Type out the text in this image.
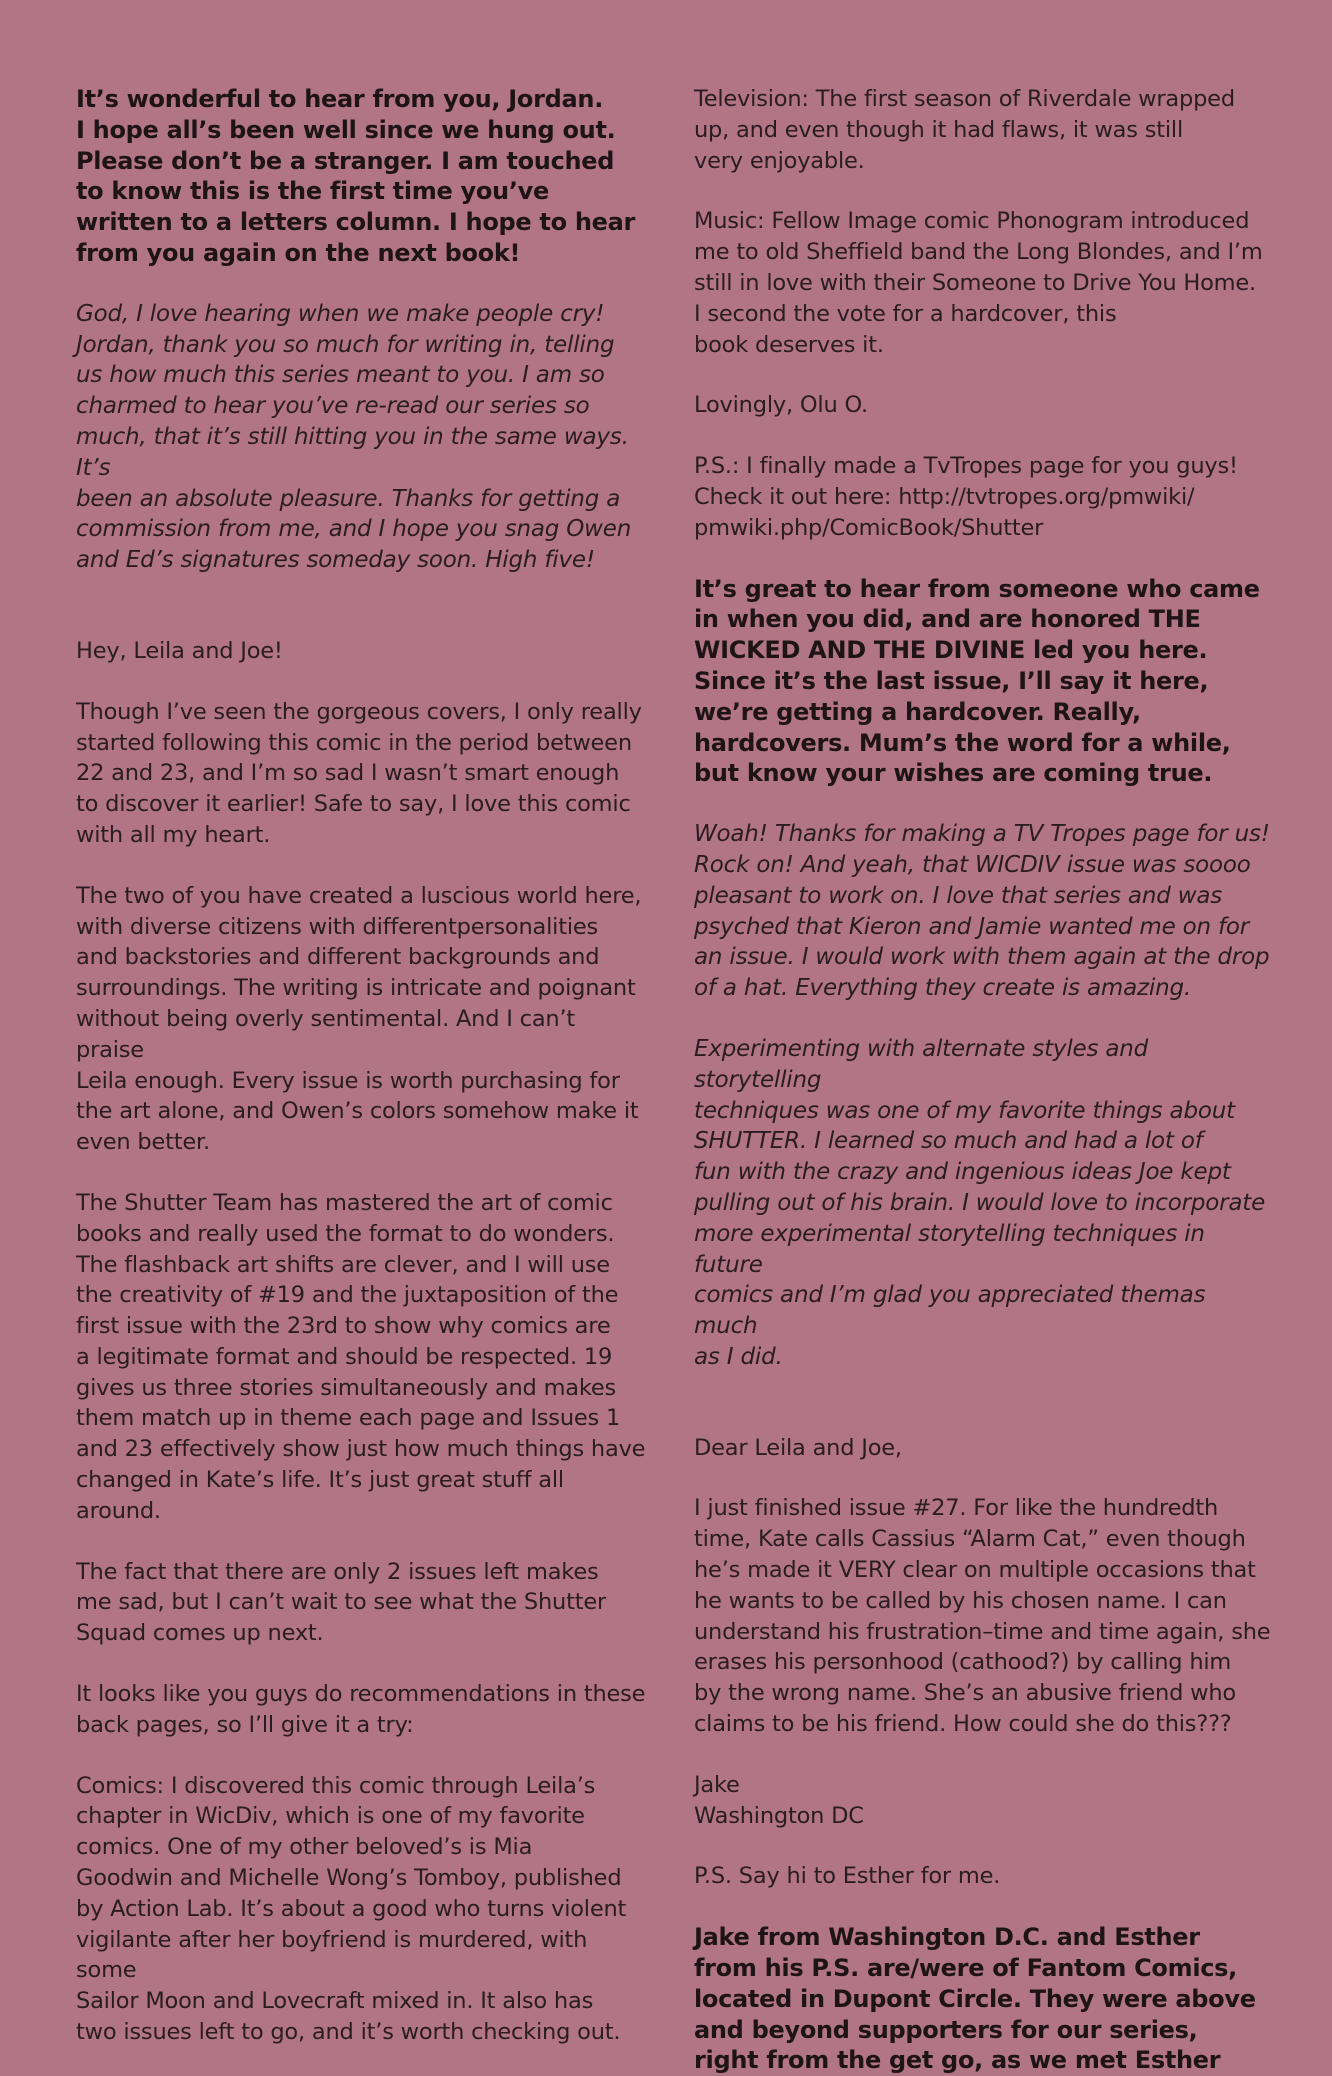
It’s wonderful to hear from you, Jordan.
I hope all’s been well since we hung out.
Please don’t be a stranger. I am touched
to know this is the first time you’ve
written to a letters column. I hope to hear
from you again on the next book!

God, I love hearing when we make people cry!
Jordan, thank you so much for writing in, telling
us how much this series meant to you. I am so
charmed to hear you’ve re-read our series so
much, that it’s still hitting you in the same ways. It’s
been an absolute pleasure. Thanks for getting a
commission from me, and I hope you snag Owen
and Ed’s signatures someday soon. High five!

Hey, Leila and Joe!

Though I’ve seen the gorgeous covers, I only really
started following this comic in the period between
22 and 23, and I’m so sad I wasn’t smart enough
to discover it earlier! Safe to say, I love this comic
with all my heart.

The two of you have created a luscious world here,
with diverse citizens with differentpersonalities
and backstories and different backgrounds and
surroundings. The writing is intricate and poignant
without being overly sentimental. And I can’t praise
Leila enough. Every issue is worth purchasing for
the art alone, and Owen’s colors somehow make it
even better.

The Shutter Team has mastered the art of comic
books and really used the format to do wonders.
The flashback art shifts are clever, and I will use
the creativity of #19 and the juxtaposition of the
first issue with the 23rd to show why comics are
a legitimate format and should be respected. 19
gives us three stories simultaneously and makes
them match up in theme each page and Issues 1
and 23 effectively show just how much things have
changed in Kate’s life. It’s just great stuff all around.

The fact that there are only 2 issues left makes
me sad, but I can’t wait to see what the Shutter
Squad comes up next.

It looks like you guys do recommendations in these
back pages, so I’ll give it a try:

Comics: I discovered this comic through Leila’s
chapter in WicDiv, which is one of my favorite
comics. One of my other beloved’s is Mia
Goodwin and Michelle Wong’s Tomboy, published
by Action Lab. It’s about a good who turns violent
vigilante after her boyfriend is murdered, with some
Sailor Moon and Lovecraft mixed in. It also has
two issues left to go, and it’s worth checking out.

Television: The first season of Riverdale wrapped
up, and even though it had flaws, it was still
very enjoyable.

Music: Fellow Image comic Phonogram introduced
me to old Sheffield band the Long Blondes, and I’m
still in love with their Someone to Drive You Home.
I second the vote for a hardcover, this
book deserves it.

Lovingly, Olu O.

P.S.: I finally made a TvTropes page for you guys!
Check it out here: http://tvtropes.org/pmwiki/
pmwiki.php/ComicBook/Shutter

It’s great to hear from someone who came
in when you did, and are honored THE
WICKED AND THE DIVINE led you here.
Since it’s the last issue, I’ll say it here,
we’re getting a hardcover. Really,
hardcovers. Mum’s the word for a while,
but know your wishes are coming true.

Woah! Thanks for making a TV Tropes page for us!
Rock on! And yeah, that WICDIV issue was soooo
pleasant to work on. I love that series and was
psyched that Kieron and Jamie wanted me on for
an issue. I would work with them again at the drop
of a hat. Everything they create is amazing.

Experimenting with alternate styles and storytelling
techniques was one of my favorite things about
SHUTTER. I learned so much and had a lot of
fun with the crazy and ingenious ideas Joe kept
pulling out of his brain. I would love to incorporate
more experimental storytelling techniques in future
comics and I’m glad you appreciated themas much
as I did.

Dear Leila and Joe,

I just finished issue #27. For like the hundredth
time, Kate calls Cassius “Alarm Cat,” even though
he’s made it VERY clear on multiple occasions that
he wants to be called by his chosen name. I can
understand his frustration–time and time again, she
erases his personhood (cathood?) by calling him
by the wrong name. She’s an abusive friend who
claims to be his friend. How could she do this???

Jake
Washington DC

P.S. Say hi to Esther for me.

Jake from Washington D.C. and Esther
from his P.S. are/were of Fantom Comics,
located in Dupont Circle. They were above
and beyond supporters for our series,
right from the get go, as we met Esther
